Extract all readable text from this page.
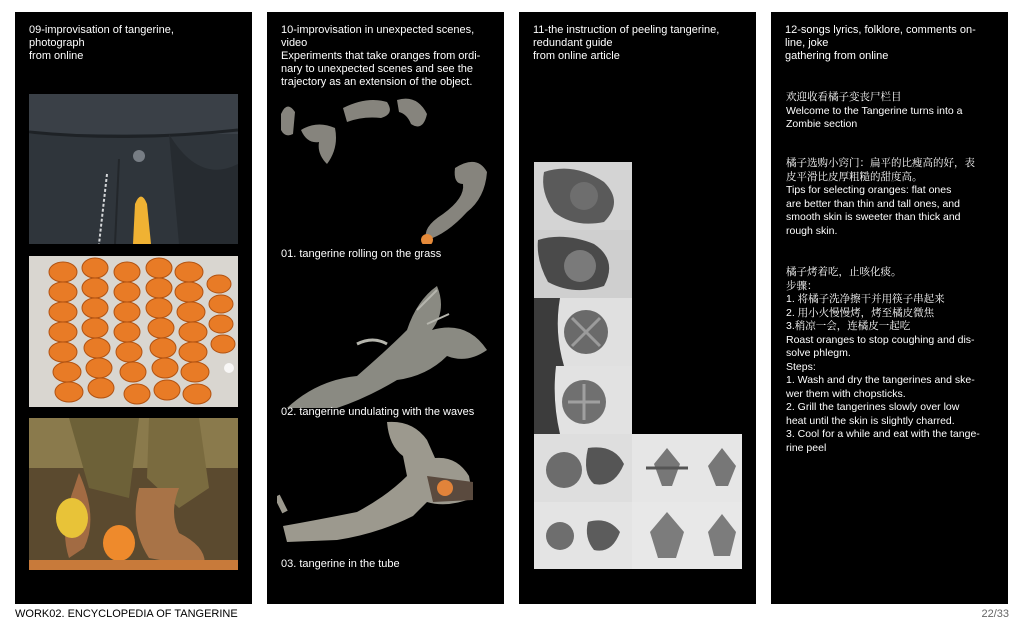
09-improvisation of tangerine,
photograph
from online
10-improvisation in unexpected scenes,
video
Experiments that take oranges from ordi-
nary to unexpected scenes and see the
trajectory as an extension of the object.
01. tangerine rolling on the grass
02. tangerine undulating with the waves
03. tangerine in the tube
11-the instruction of peeling tangerine,
redundant guide
from online article
12-songs lyrics, folklore, comments on-
line, joke
gathering from online
欢迎收看橘子变丧尸栏目
Welcome to the Tangerine turns into a
Zombie section
橘子选购小窍门：扁平的比瘦高的好，表
皮平滑比皮厚粗糙的甜度高。
Tips for selecting oranges: flat ones
are better than thin and tall ones, and
smooth skin is sweeter than thick and
rough skin.
橘子烤着吃，止咳化痰。
步骤：
1. 将橘子洗净擦干并用筷子串起来
2. 用小火慢慢烤，烤至橘皮微焦
3.稍凉一会，连橘皮一起吃
Roast oranges to stop coughing and dis-
solve phlegm.
Steps:
1. Wash and dry the tangerines and ske-
wer them with chopsticks.
2. Grill the tangerines slowly over low
heat until the skin is slightly charred.
3. Cool for a while and eat with the tange-
rine peel
WORK02. ENCYCLOPEDIA OF TANGERINE	22/33
